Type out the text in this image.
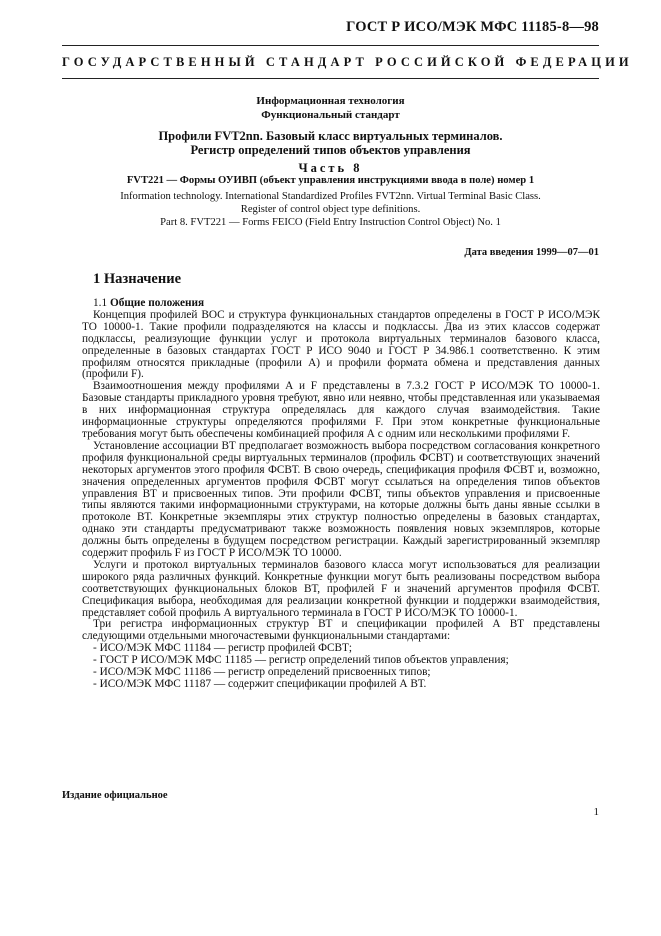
ГОСТ Р ИСО/МЭК МФС 11185-8—98
ГОСУДАРСТВЕННЫЙ СТАНДАРТ РОССИЙСКОЙ ФЕДЕРАЦИИ
Информационная технология
Функциональный стандарт
Профили FVT2nn. Базовый класс виртуальных терминалов.
Регистр определений типов объектов управления
Часть 8
FVT221 — Формы ОУИВП (объект управления инструкциями ввода в поле) номер 1
Information technology. International Standardized Profiles FVT2nn. Virtual Terminal Basic Class.
Register of control object type definitions.
Part 8. FVT221 — Forms FEICO (Field Entry Instruction Control Object) No. 1
Дата введения 1999—07—01
1 Назначение

1.1 Общие положения

Концепция профилей ВОС и структура функциональных стандартов определены в ГОСТ Р ИСО/МЭК ТО 10000-1. Такие профили подразделяются на классы и подклассы. Два из этих классов содержат подклассы, реализующие функции услуг и протокола виртуальных терминалов базового класса, определенные в базовых стандартах ГОСТ Р ИСО 9040 и ГОСТ Р 34.986.1 соответственно. К этим профилям относятся прикладные (профили А) и профили формата обмена и представления данных (профили F).

Взаимоотношения между профилями А и F представлены в 7.3.2 ГОСТ Р ИСО/МЭК ТО 10000-1. Базовые стандарты прикладного уровня требуют, явно или неявно, чтобы представленная или указываемая в них информационная структура определялась для каждого случая взаимодействия. Такие информационные структуры определяются профилями F. При этом конкретные функциональные требования могут быть обеспечены комбинацией профиля А с одним или несколькими профилями F.

Установление ассоциации ВТ предполагает возможность выбора посредством согласования конкретного профиля функциональной среды виртуальных терминалов (профиль ФСВТ) и соответствующих значений некоторых аргументов этого профиля ФСВТ. В свою очередь, спецификация профиля ФСВТ и, возможно, значения определенных аргументов профиля ФСВТ могут ссылаться на определения типов объектов управления ВТ и присвоенных типов. Эти профили ФСВТ, типы объектов управления и присвоенные типы являются такими информационными структурами, на которые должны быть даны явные ссылки в протоколе ВТ. Конкретные экземпляры этих структур полностью определены в базовых стандартах, однако эти стандарты предусматривают также возможность появления новых экземпляров, которые должны быть определены в будущем посредством регистрации. Каждый зарегистрированный экземпляр содержит профиль F из ГОСТ Р ИСО/МЭК ТО 10000.

Услуги и протокол виртуальных терминалов базового класса могут использоваться для реализации широкого ряда различных функций. Конкретные функции могут быть реализованы посредством выбора соответствующих функциональных блоков ВТ, профилей F и значений аргументов профиля ФСВТ. Спецификация выбора, необходимая для реализации конкретной функции и поддержки взаимодействия, представляет собой профиль А виртуального терминала в ГОСТ Р ИСО/МЭК ТО 10000-1.

Три регистра информационных структур ВТ и спецификации профилей А ВТ представлены следующими отдельными многочастевыми функциональными стандартами:

- ИСО/МЭК МФС 11184 — регистр профилей ФСВТ;
- ГОСТ Р ИСО/МЭК МФС 11185 — регистр определений типов объектов управления;
- ИСО/МЭК МФС 11186 — регистр определений присвоенных типов;
- ИСО/МЭК МФС 11187 — содержит спецификации профилей А ВТ.
Издание официальное
1
